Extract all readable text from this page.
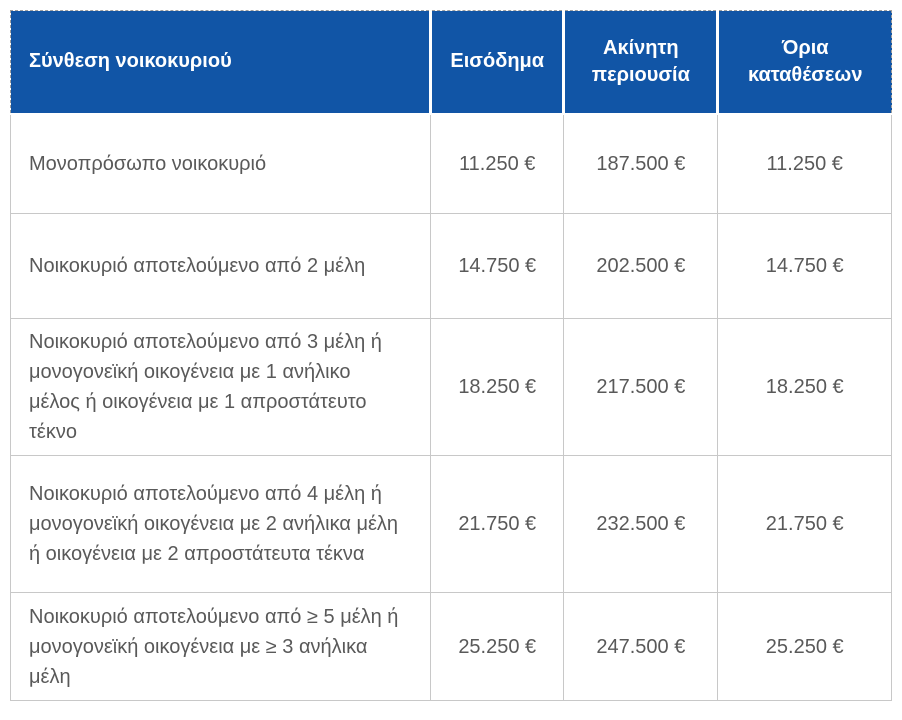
Σύνθεση νοικοκυριού	Εισόδημα	Ακίνητη περιουσία	Όρια καταθέσεων
Μονοπρόσωπο νοικοκυριό	11.250 €	187.500 €	11.250 €
Νοικοκυριό αποτελούμενο από 2 μέλη	14.750 €	202.500 €	14.750 €
Νοικοκυριό αποτελούμενο από 3 μέλη ή μονογονεϊκή οικογένεια με 1 ανήλικο μέλος ή οικογένεια με 1 απροστάτευτο τέκνο	18.250 €	217.500 €	18.250 €
Νοικοκυριό αποτελούμενο από 4 μέλη ή μονογονεϊκή οικογένεια με 2 ανήλικα μέλη ή οικογένεια με 2 απροστάτευτα τέκνα	21.750 €	232.500 €	21.750 €
Νοικοκυριό αποτελούμενο από ≥ 5 μέλη ή μονογονεϊκή οικογένεια με ≥ 3 ανήλικα μέλη	25.250 €	247.500 €	25.250 €
